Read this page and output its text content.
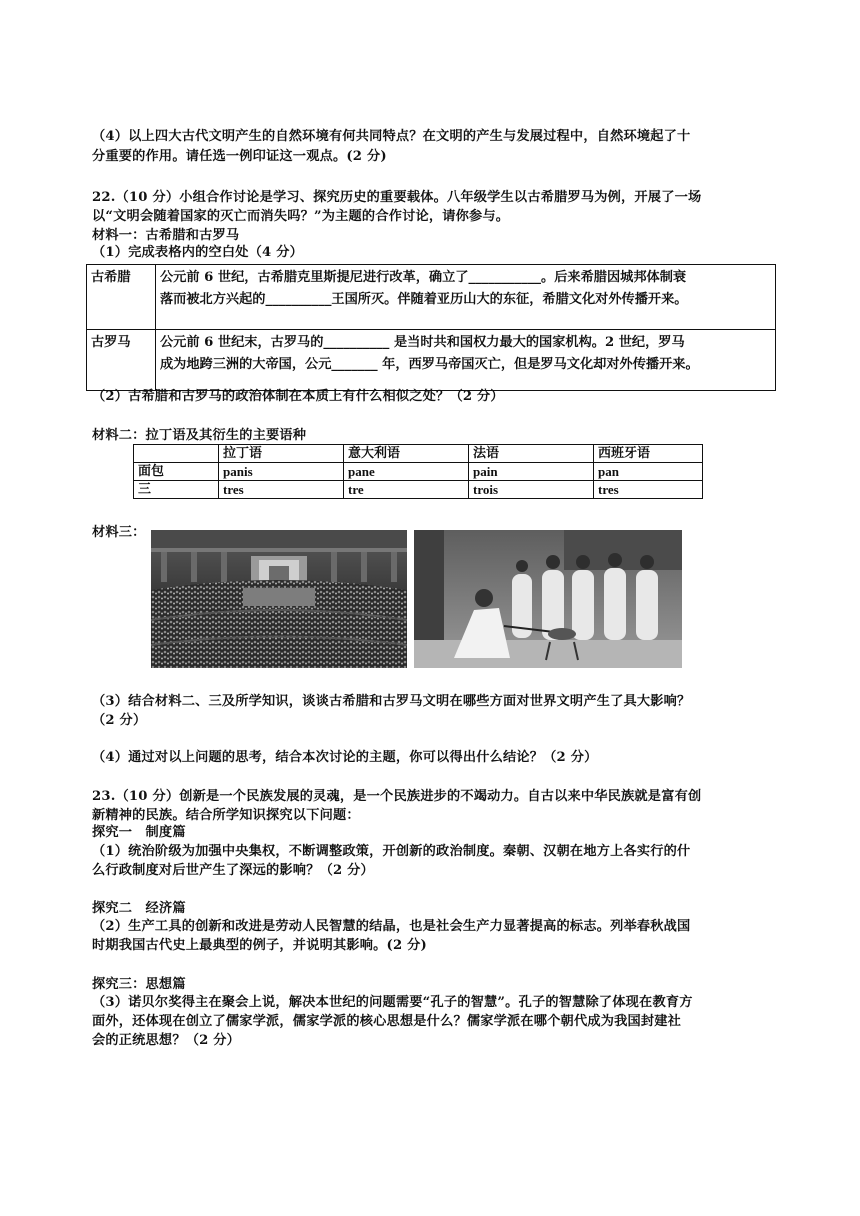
（4）以上四大古代文明产生的自然环境有何共同特点？在文明的产生与发展过程中，自然环境起了十
分重要的作用。请任选一例印证这一观点。(2 分)
22.（10 分）小组合作讨论是学习、探究历史的重要载体。八年级学生以古希腊罗马为例，开展了一场
以“文明会随着国家的灭亡而消失吗？”为主题的合作讨论，请你参与。
材料一：古希腊和古罗马
（1）完成表格内的空白处（4 分）
古希腊	公元前 6 世纪，古希腊克里斯提尼进行改革，确立了___________。后来希腊因城邦体制衰
落而被北方兴起的__________王国所灭。伴随着亚历山大的东征，希腊文化对外传播开来。

古罗马	公元前 6 世纪末，古罗马的__________ 是当时共和国权力最大的国家机构。2 世纪，罗马
成为地跨三洲的大帝国，公元_______ 年，西罗马帝国灭亡，但是罗马文化却对外传播开来。
（2）古希腊和古罗马的政治体制在本质上有什么相似之处？（2 分）
材料二：拉丁语及其衍生的主要语种
	拉丁语	意大利语	法语	西班牙语
面包	panis	pane	pain	pan
三	tres	tre	trois	tres
材料三：
（3）结合材料二、三及所学知识，谈谈古希腊和古罗马文明在哪些方面对世界文明产生了具大影响？
（2 分）
（4）通过对以上问题的思考，结合本次讨论的主题，你可以得出什么结论？（2 分）
23.（10 分）创新是一个民族发展的灵魂，是一个民族进步的不竭动力。自古以来中华民族就是富有创
新精神的民族。结合所学知识探究以下问题：
探究一　制度篇
（1）统治阶级为加强中央集权，不断调整政策，开创新的政治制度。秦朝、汉朝在地方上各实行的什
么行政制度对后世产生了深远的影响？（2 分）
探究二　经济篇
（2）生产工具的创新和改进是劳动人民智慧的结晶，也是社会生产力显著提高的标志。列举春秋战国
时期我国古代史上最典型的例子，并说明其影响。(2 分)
探究三：思想篇
（3）诺贝尔奖得主在聚会上说，解决本世纪的问题需要“孔子的智慧”。孔子的智慧除了体现在教育方
面外，还体现在创立了儒家学派，儒家学派的核心思想是什么？儒家学派在哪个朝代成为我国封建社
会的正统思想？（2 分）
